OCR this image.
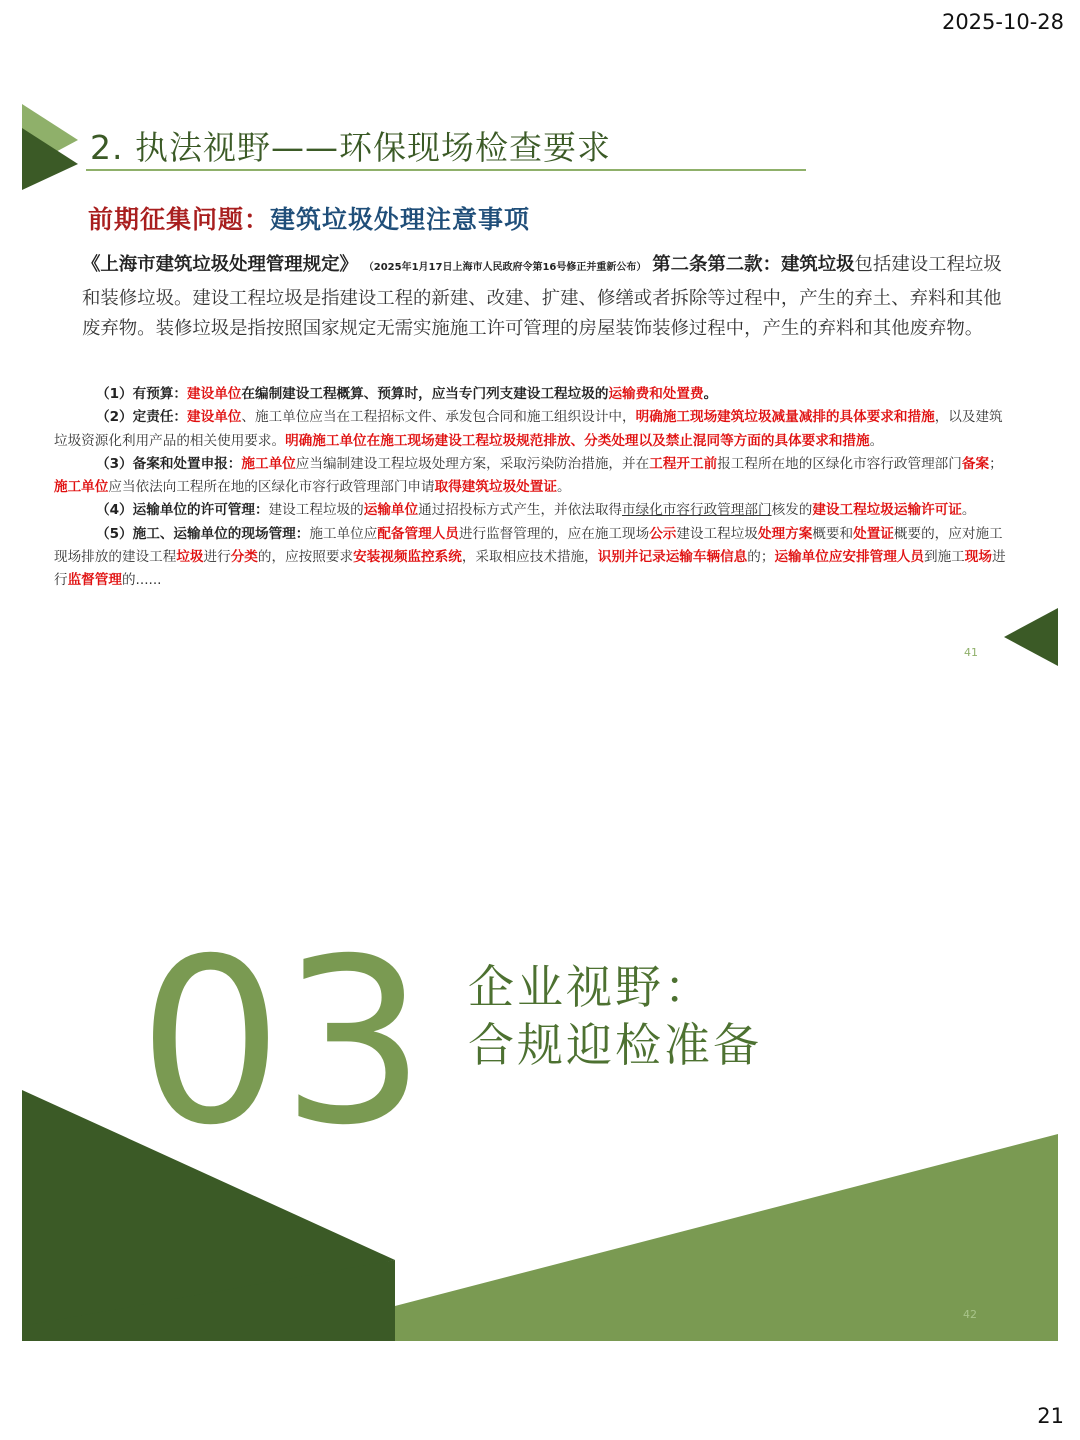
2025-10-28
2. 执法视野——环保现场检查要求
前期征集问题：建筑垃圾处理注意事项
《上海市建筑垃圾处理管理规定》 （2025年1月17日上海市人民政府令第16号修正并重新公布） 第二条第二款：建筑垃圾包括建设工程垃圾和装修垃圾。建设工程垃圾是指建设工程的新建、改建、扩建、修缮或者拆除等过程中，产生的弃土、弃料和其他废弃物。装修垃圾是指按照国家规定无需实施施工许可管理的房屋装饰装修过程中，产生的弃料和其他废弃物。

（1）有预算：建设单位在编制建设工程概算、预算时，应当专门列支建设工程垃圾的运输费和处置费。

（2）定责任：建设单位、施工单位应当在工程招标文件、承发包合同和施工组织设计中，明确施工现场建筑垃圾减量减排的具体要求和措施，以及建筑垃圾资源化利用产品的相关使用要求。明确施工单位在施工现场建设工程垃圾规范排放、分类处理以及禁止混同等方面的具体要求和措施。

（3）备案和处置申报：施工单位应当编制建设工程垃圾处理方案，采取污染防治措施，并在工程开工前报工程所在地的区绿化市容行政管理部门备案；施工单位应当依法向工程所在地的区绿化市容行政管理部门申请取得建筑垃圾处置证。

（4）运输单位的许可管理：建设工程垃圾的运输单位通过招投标方式产生，并依法取得市绿化市容行政管理部门核发的建设工程垃圾运输许可证。

（5）施工、运输单位的现场管理：施工单位应配备管理人员进行监督管理的，应在施工现场公示建设工程垃圾处理方案概要和处置证概要的，应对施工现场排放的建设工程垃圾进行分类的，应按照要求安装视频监控系统，采取相应技术措施，识别并记录运输车辆信息的；运输单位应安排管理人员到施工现场进行监督管理的......

41
03 企业视野：
合规迎检准备
42
21
